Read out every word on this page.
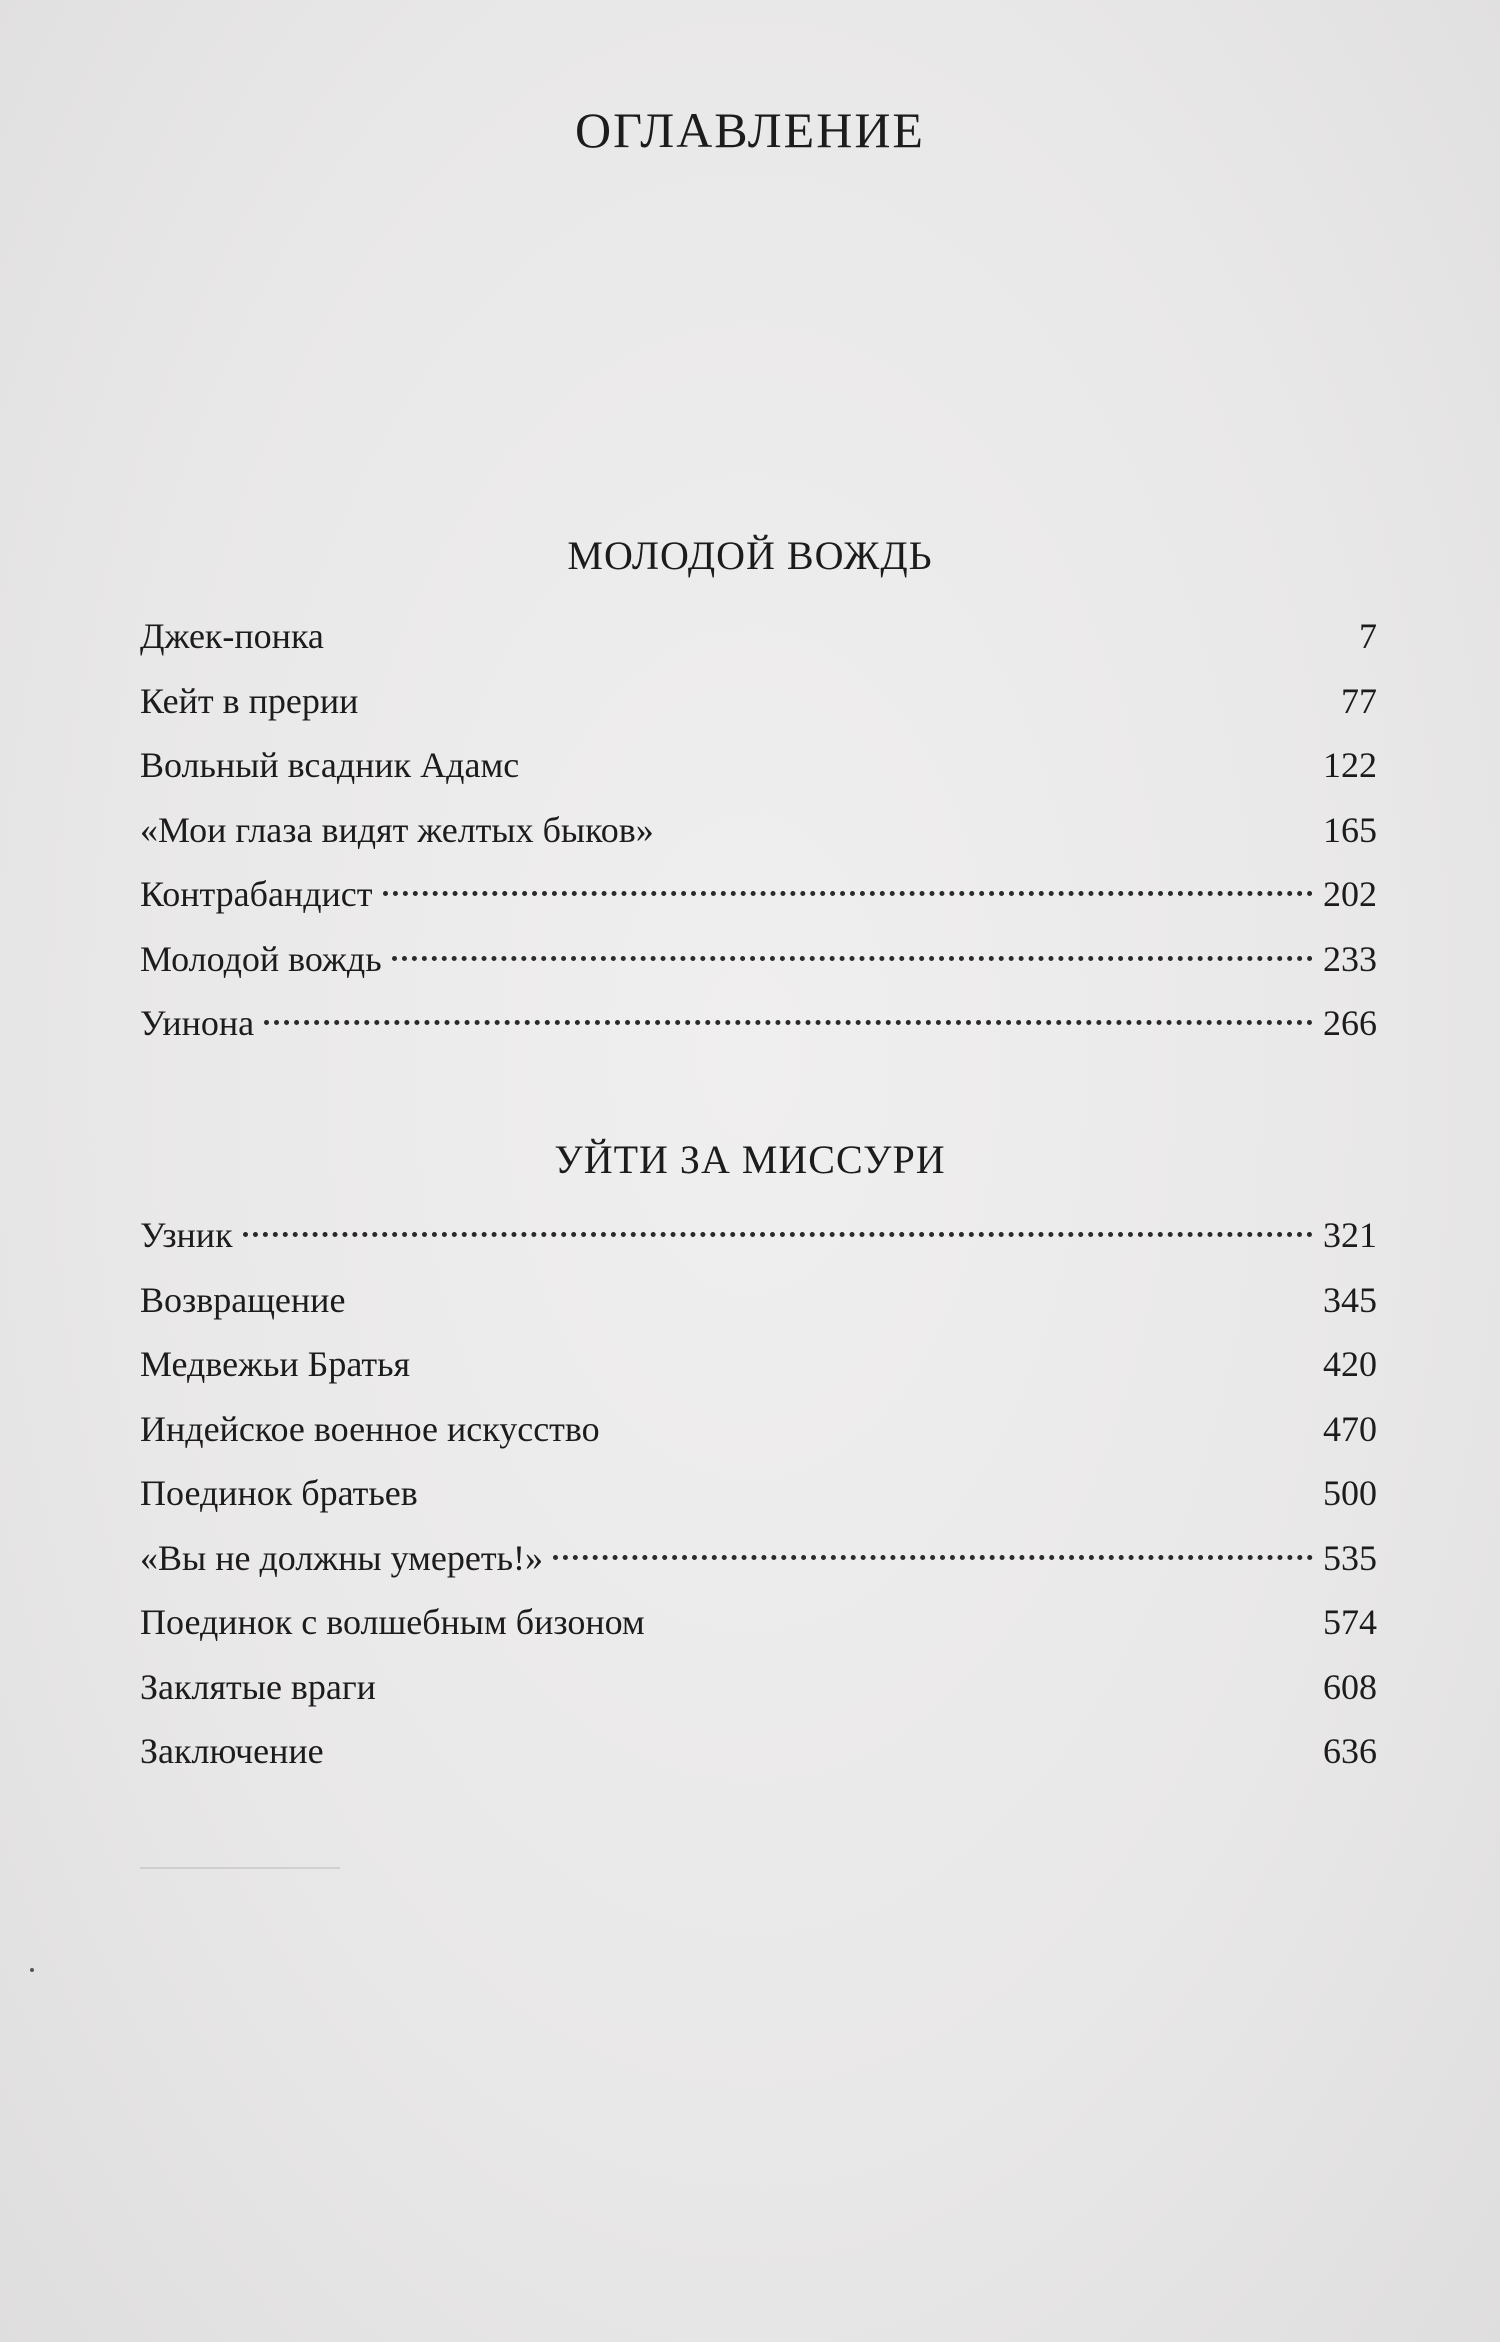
ОГЛАВЛЕНИЕ
МОЛОДОЙ ВОЖДЬ
Джек-понка	7
Кейт в прерии	77
Вольный всадник Адамс	122
«Мои глаза видят желтых быков»	165
Контрабандист	202
Молодой вождь	233
Уинона	266
УЙТИ ЗА МИССУРИ
Узник	321
Возвращение	345
Медвежьи Братья	420
Индейское военное искусство	470
Поединок братьев	500
«Вы не должны умереть!»	535
Поединок с волшебным бизоном	574
Заклятые враги	608
Заключение	636
